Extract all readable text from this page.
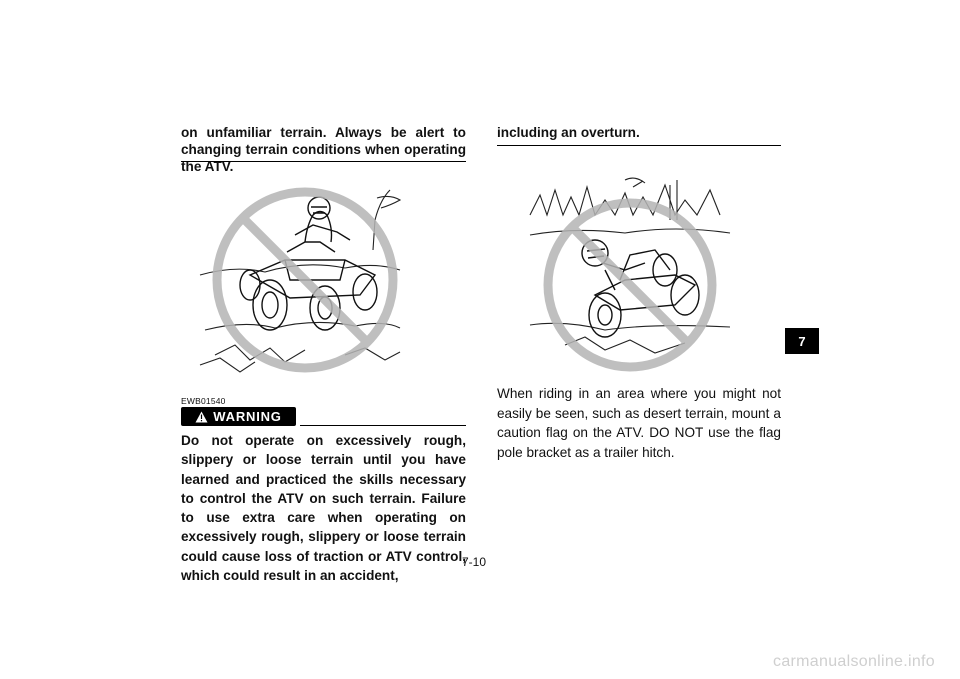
on unfamiliar terrain. Always be alert to changing terrain conditions when operating the ATV.
including an overturn.
EWB01540
WARNING
Do not operate on excessively rough, slippery or loose terrain until you have learned and practiced the skills necessary to control the ATV on such terrain. Failure to use extra care when operating on excessively rough, slippery or loose terrain could cause loss of traction or ATV control, which could result in an accident,
When riding in an area where you might not easily be seen, such as desert terrain, mount a caution flag on the ATV. DO NOT use the flag pole bracket as a trailer hitch.
7-10
7
carmanualsonline.info
